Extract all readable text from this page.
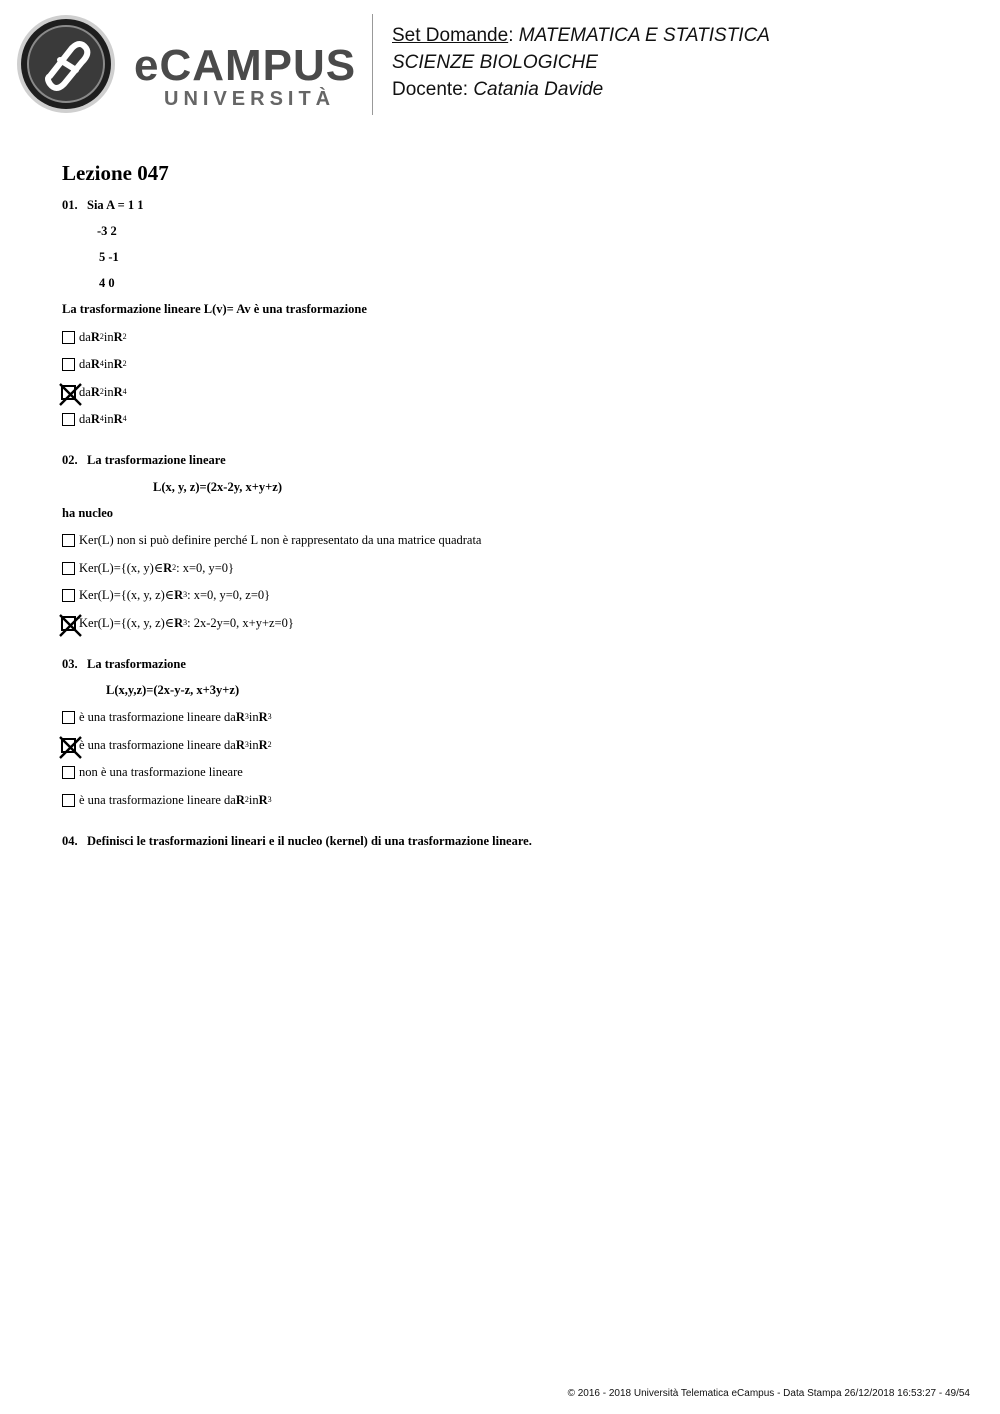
eCAMPUS
UNIVERSITÀ
Set Domande: MATEMATICA E STATISTICA
SCIENZE BIOLOGICHE
Docente: Catania Davide
Lezione 047
01. Sia A = 1 1
-3 2
5 -1
4 0
La trasformazione lineare L(v)= Av è una trasformazione
da R 2 in R 2
da R 4 in R 2
da R 2 in R 4
da R 4 in R 4
02. La trasformazione lineare
L(x, y, z)=(2x-2y, x+y+z)
ha nucleo
Ker(L) non si può definire perché L non è rappresentato da una matrice quadrata
Ker(L)={(x, y)∈ R 2 : x=0, y=0}
Ker(L)={(x, y, z)∈ R 3 : x=0, y=0, z=0}
Ker(L)={(x, y, z)∈ R 3 : 2x-2y=0, x+y+z=0}
03. La trasformazione
L(x,y,z)=(2x-y-z, x+3y+z)
è una trasformazione lineare da R 3 in R 3
è una trasformazione lineare da R 3 in R 2
non è una trasformazione lineare
è una trasformazione lineare da R 2 in R 3
04. Definisci le trasformazioni lineari e il nucleo (kernel) di una trasformazione lineare.
© 2016 - 2018 Università Telematica eCampus - Data Stampa 26/12/2018 16:53:27 - 49/54
